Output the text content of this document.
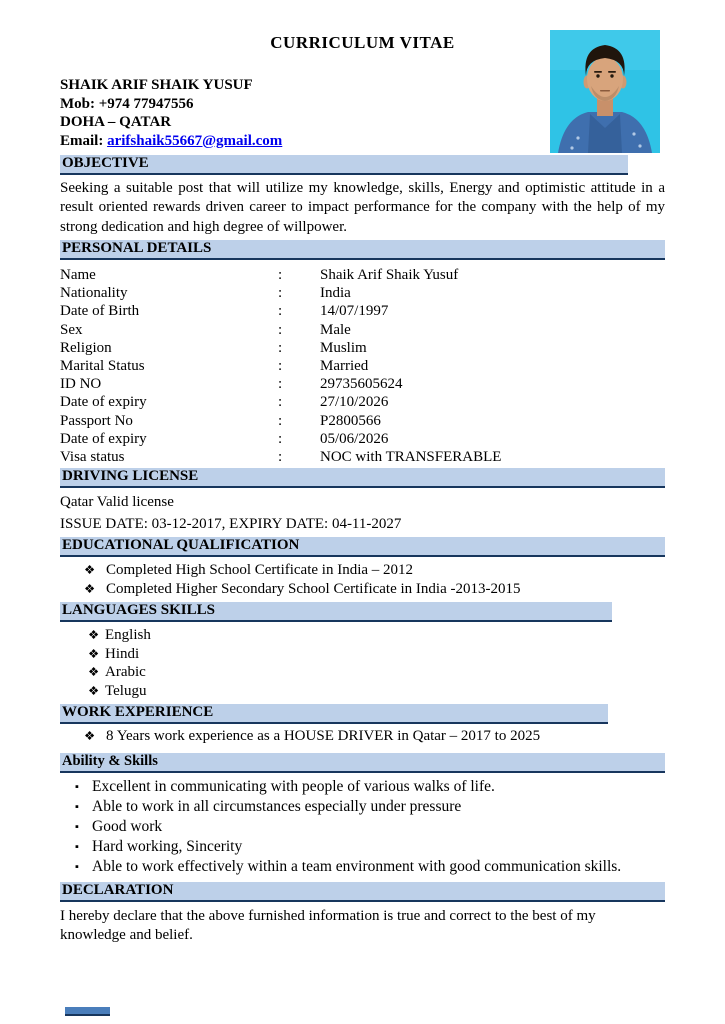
CURRICULUM VITAE
SHAIK ARIF SHAIK YUSUF
Mob: +974 77947556
DOHA – QATAR
Email: arifshaik55667@gmail.com
OBJECTIVE
Seeking a suitable post that will utilize my knowledge, skills, Energy and optimistic attitude in a result oriented rewards driven career to impact performance for the company with the help of my strong dedication and high degree of willpower.
PERSONAL DETAILS
Name	:	Shaik Arif Shaik Yusuf
Nationality	:	India
Date of Birth	:	14/07/1997
Sex	:	Male
Religion	:	Muslim
Marital Status	:	Married
ID NO	:	29735605624
Date of expiry	:	27/10/2026
Passport No	:	P2800566
Date of expiry	:	05/06/2026
Visa status	:	NOC with TRANSFERABLE
DRIVING LICENSE
Qatar Valid license
ISSUE DATE: 03-12-2017, EXPIRY DATE: 04-11-2027
EDUCATIONAL QUALIFICATION
❖ Completed High School Certificate in India – 2012
❖ Completed Higher Secondary School Certificate in India -2013-2015
LANGUAGES SKILLS
❖ English
❖ Hindi
❖ Arabic
❖ Telugu
WORK EXPERIENCE
❖ 8 Years work experience as a HOUSE DRIVER in Qatar – 2017 to 2025
Ability & Skills
▪ Excellent in communicating with people of various walks of life.
▪ Able to work in all circumstances especially under pressure
▪ Good work
▪ Hard working, Sincerity
▪ Able to work effectively within a team environment with good communication skills.
DECLARATION
I hereby declare that the above furnished information is true and correct to the best of my knowledge and belief.
